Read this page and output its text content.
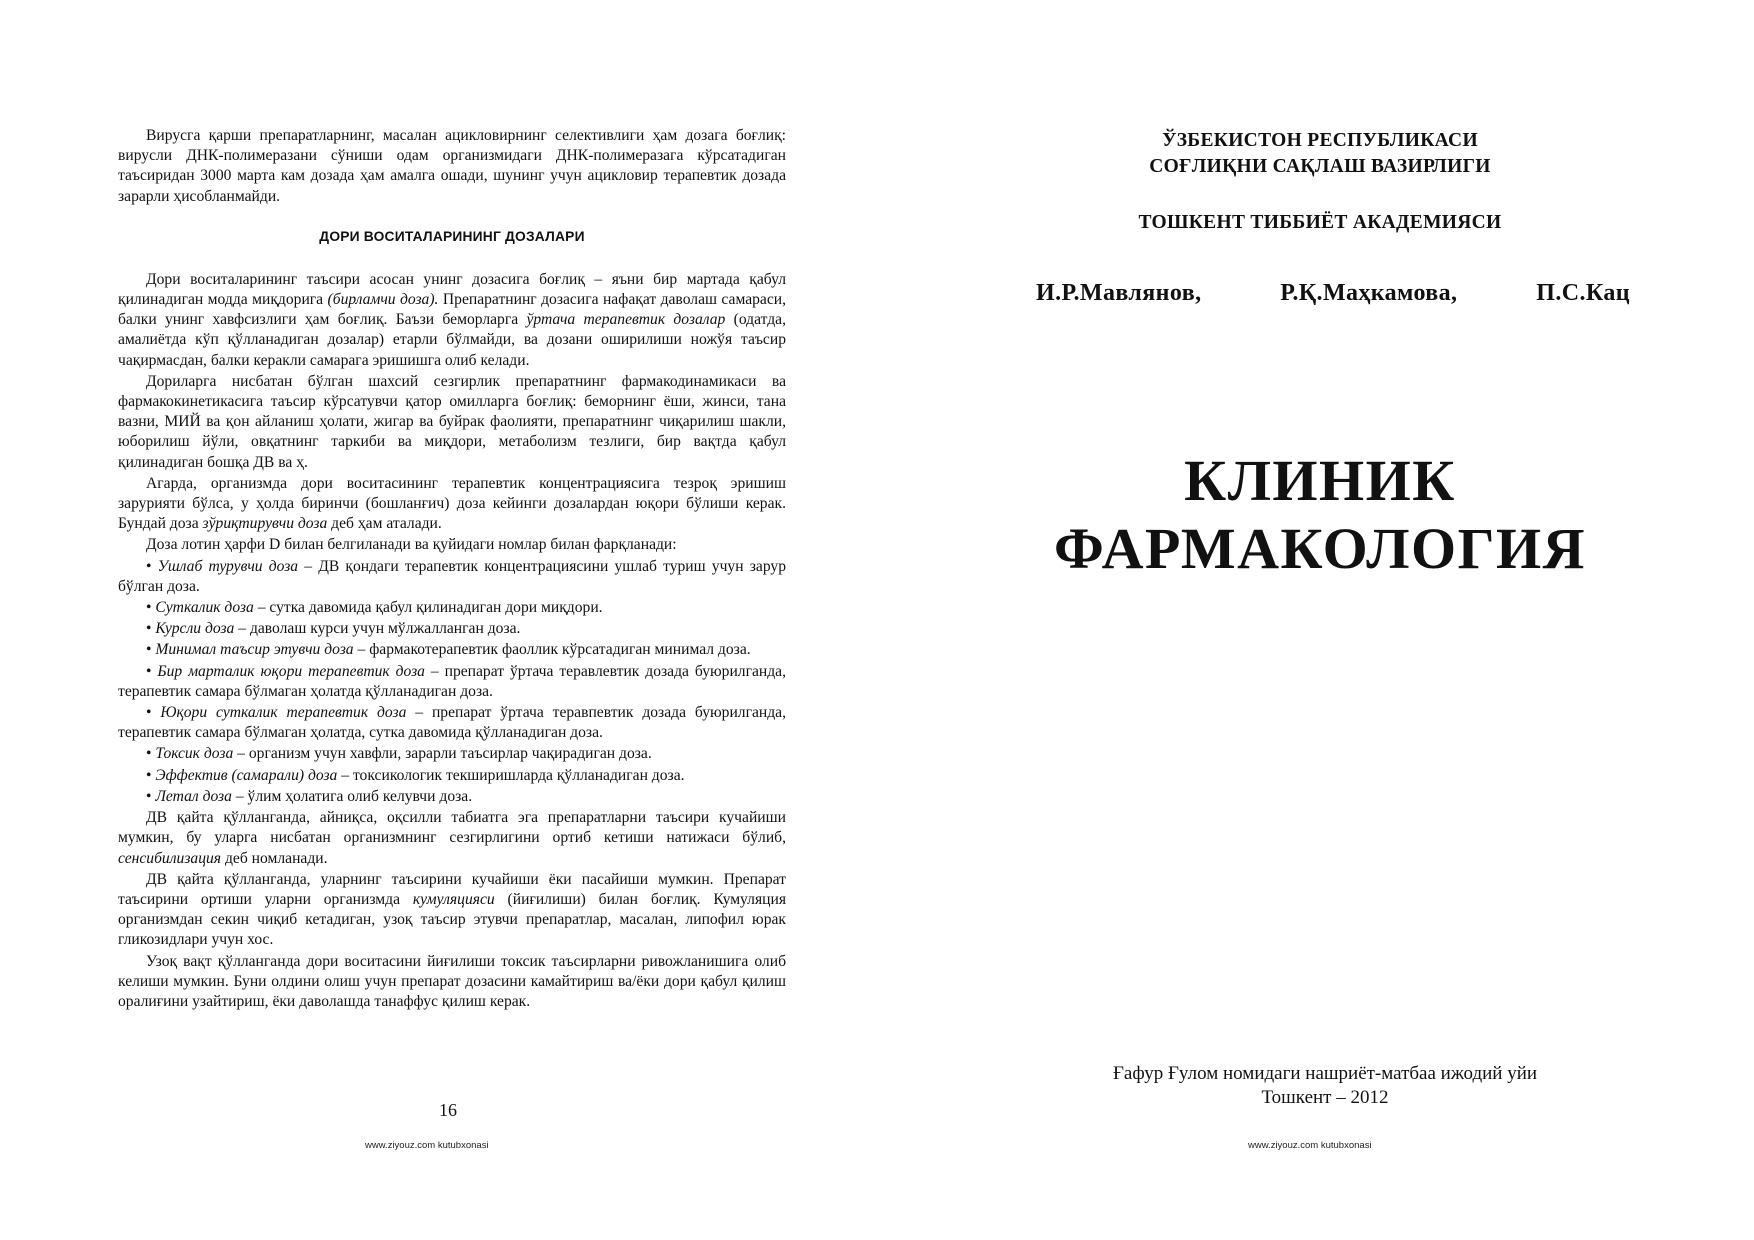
Вирусга қарши препаратларнинг, масалан ацикловирнинг селективлиги ҳам дозага боғлиқ: вирусли ДНК-полимеразани сўниши одам организмидаги ДНК-полимеразага кўрсатадиган таъсиридан 3000 марта кам дозада ҳам амалга ошади, шунинг учун ацикловир терапевтик дозада зарарли ҳисобланмайди.

ДОРИ ВОСИТАЛАРИНИНГ ДОЗАЛАРИ

Дори воситаларининг таъсири асосан унинг дозасига боғлиқ – яъни бир мартада қабул қилинадиган модда миқдорига (бирламчи доза). Препаратнинг дозасига нафақат даволаш самараси, балки унинг хавфсизлиги ҳам боғлиқ. Баъзи беморларга ўртача терапевтик дозалар (одатда, амалиётда кўп қўлланадиган дозалар) етарли бўлмайди, ва дозани оширилиши ножўя таъсир чақирмасдан, балки керакли самарага эришишга олиб келади.

Дориларга нисбатан бўлган шахсий сезгирлик препаратнинг фармакодинамикаси ва фармакокинетикасига таъсир кўрсатувчи қатор омилларга боғлиқ: беморнинг ёши, жинси, тана вазни, МИЙ ва қон айланиш ҳолати, жигар ва буйрак фаолияти, препаратнинг чиқарилиш шакли, юборилиш йўли, овқатнинг таркиби ва миқдори, метаболизм тезлиги, бир вақтда қабул қилинадиган бошқа ДВ ва ҳ.

Агарда, организмда дори воситасининг терапевтик концентрациясига тезроқ эришиш зарурияти бўлса, у ҳолда биринчи (бошланғич) доза кейинги дозалардан юқори бўлиши керак. Бундай доза зўриқтирувчи доза деб ҳам аталади.

Доза лотин ҳарфи D билан белгиланади ва қуйидаги номлар билан фарқланади:

• Ушлаб турувчи доза – ДВ қондаги терапевтик концентрациясини ушлаб туриш учун зарур бўлган доза.

• Суткалик доза – сутка давомида қабул қилинадиган дори миқдори.

• Курсли доза – даволаш курси учун мўлжалланган доза.

• Минимал таъсир этувчи доза – фармакотерапевтик фаоллик кўрсатадиган минимал доза.

• Бир марталик юқори терапевтик доза – препарат ўртача теравлевтик дозада буюрилганда, терапевтик самара бўлмаган ҳолатда қўлланадиган доза.

• Юқори суткалик терапевтик доза – препарат ўртача теравпевтик дозада буюрилганда, терапевтик самара бўлмаган ҳолатда, сутка давомида қўлланадиган доза.

• Токсик доза – организм учун хавфли, зарарли таъсирлар чақирадиган доза.

• Эффектив (самарали) доза – токсикологик текширишларда қўлланадиган доза.

• Летал доза – ўлим ҳолатига олиб келувчи доза.

ДВ қайта қўлланганда, айниқса, оқсилли табиатга эга препаратларни таъсири кучайиши мумкин, бу уларга нисбатан организмнинг сезгирлигини ортиб кетиши натижаси бўлиб, сенсибилизация деб номланади.

ДВ қайта қўлланганда, уларнинг таъсирини кучайиши ёки пасайиши мумкин. Препарат таъсирини ортиши уларни организмда кумуляцияси (йиғилиши) билан боғлиқ. Кумуляция организмдан секин чиқиб кетадиган, узоқ таъсир этувчи препаратлар, масалан, липофил юрак гликозидлари учун хос.

Узоқ вақт қўлланганда дори воситасини йиғилиши токсик таъсирларни ривожланишига олиб келиши мумкин. Буни олдини олиш учун препарат дозасини камайтириш ва/ёки дори қабул қилиш оралиғини узайтириш, ёки даволашда танаффус қилиш керак.

16
www.ziyouz.com kutubxonasi

ЎЗБЕКИСТОН РЕСПУБЛИКАСИ

СОҒЛИҚНИ САҚЛАШ ВАЗИРЛИГИ

ТОШКЕНТ ТИББИЁТ АКАДЕМИЯСИ

И.Р.Мавлянов,	Р.Қ.Маҳкамова,	П.С.Кац
КЛИНИК
ФАРМАКОЛОГИЯ
Ғафур Ғулом номидаги нашриёт-матбаа ижодий уйи
Тошкент – 2012
www.ziyouz.com kutubxonasi
